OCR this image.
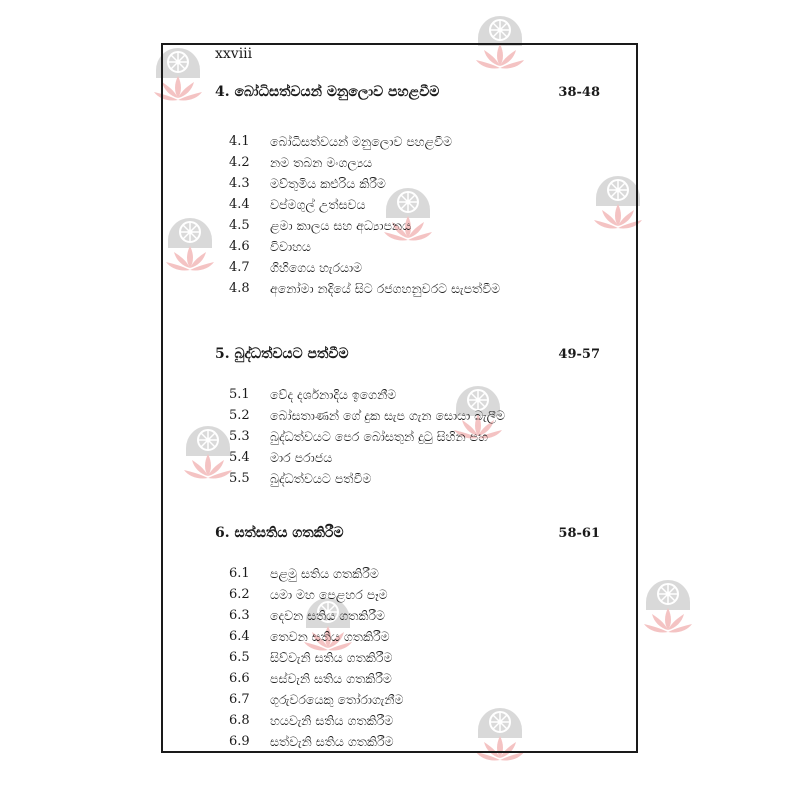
xxviii
4. බෝධිසත්වයන් මනුලොව පහළවීම	38-48
4.1	බෝධිසත්වයන් මනුලොව පහළවීම
4.2	නම තබන මංගල්‍යය
4.3	මව්තුමිය කළුරිය කිරීම
4.4	වප්මගුල් උත්සවය
4.5	ළමා කාලය සහ අධ්‍යාපනය
4.6	විවාහය
4.7	ගිහිගෙය හැරයාම
4.8	අනෝමා නදියේ සිට රජගහනුවරට සැපත්වීම
5. බුද්ධත්වයට පත්වීම	49-57
5.1	වේද දර්ශනාදිය ඉගෙනීම
5.2	බෝසතාණන් ගේ දුක සැප ගැන සොයා බැලීම
5.3	බුද්ධත්වයට පෙර බෝසතුන් දුටු සිහින පහ
5.4	මාර පරාජය
5.5	බුද්ධත්වයට පත්වීම
6. සත්සතිය ගතකිරීම	58-61
6.1	පළමු සතිය ගතකිරීම
6.2	යමා මහ පෙළහර පෑම
6.3	දෙවන සතිය ගතකිරීම
6.4	තෙවන සතිය ගතකිරීම
6.5	සිව්වැනි සතිය ගතකිරීම
6.6	පස්වැනි සතිය ගතකිරීම
6.7	ගුරුවරයෙකු තෝරාගැනීම
6.8	හයවැනි සතිය ගතකිරීම
6.9	සත්වැනි සතිය ගතකිරීම
